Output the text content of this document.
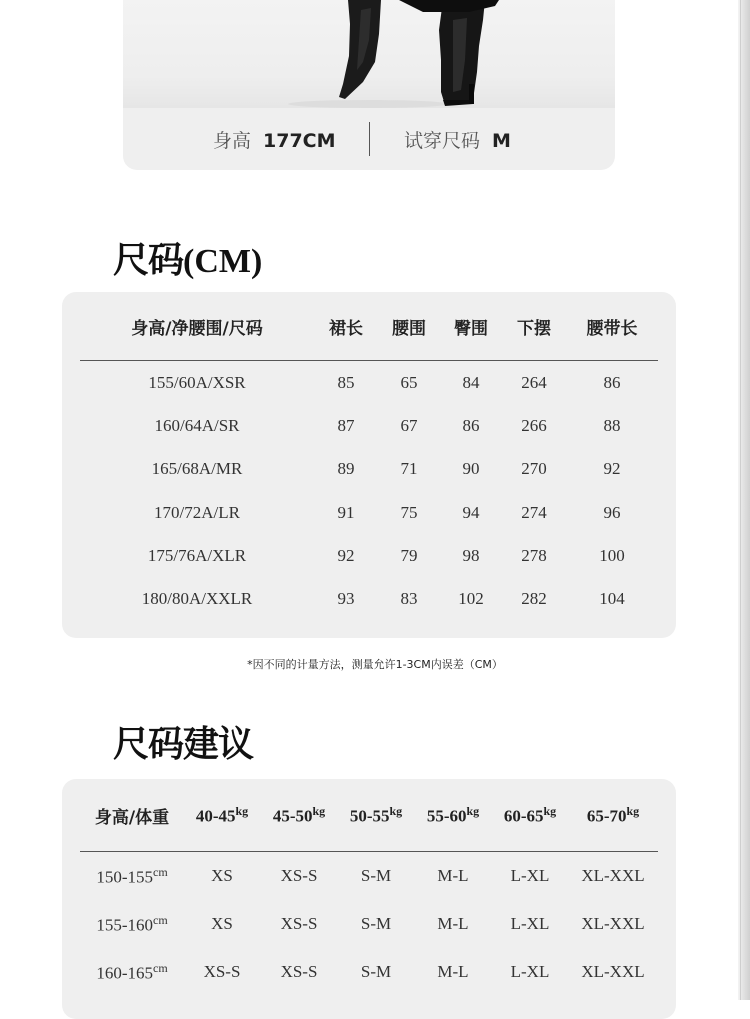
身高 177CM	试穿尺码 M
尺码(CM)
身高/净腰围/尺码	裙长	腰围	臀围	下摆	腰带长
155/60A/XSR	85	65	84	264	86
160/64A/SR	87	67	86	266	88
165/68A/MR	89	71	90	270	92
170/72A/LR	91	75	94	274	96
175/76A/XLR	92	79	98	278	100
180/80A/XXLR	93	83	102	282	104
*因不同的计量方法，测量允许1-3CM内误差（CM）
尺码建议
身高/体重	$40-45^{kg}$	$45-50^{kg}$	$50-55^{kg}$	$55-60^{kg}$	$60-65^{kg}$	$65-70^{kg}$
$150-155^{cm}$	XS	XS-S	S-M	M-L	L-XL	XL-XXL
$155-160^{cm}$	XS	XS-S	S-M	M-L	L-XL	XL-XXL
$160-165^{cm}$	XS-S	XS-S	S-M	M-L	L-XL	XL-XXL
